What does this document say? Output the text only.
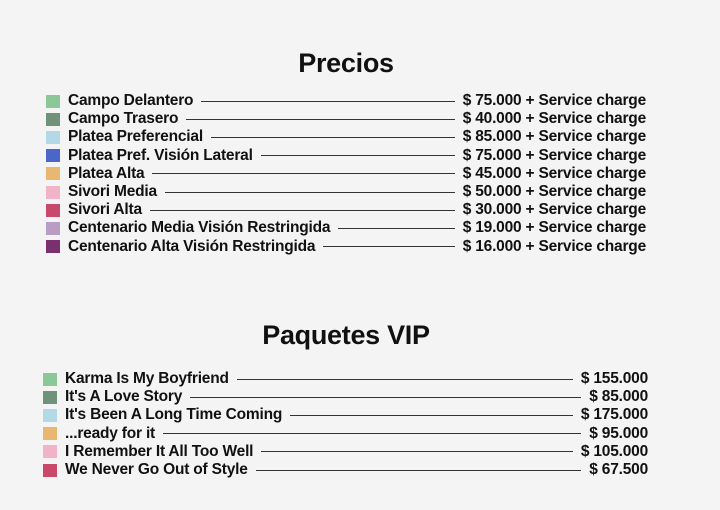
Precios
Campo Delantero	$ 75.000 + Service charge
Campo Trasero	$ 40.000 + Service charge
Platea Preferencial	$ 85.000 + Service charge
Platea Pref. Visión Lateral	$ 75.000 + Service charge
Platea Alta	$ 45.000 + Service charge
Sivori Media	$ 50.000 + Service charge
Sivori Alta	$ 30.000 + Service charge
Centenario Media Visión Restringida	$ 19.000 + Service charge
Centenario Alta Visión Restringida	$ 16.000 + Service charge
Paquetes VIP
Karma Is My Boyfriend	$ 155.000
It's A Love Story	$ 85.000
It's Been A Long Time Coming	$ 175.000
...ready for it	$ 95.000
I Remember It All Too Well	$ 105.000
We Never Go Out of Style	$ 67.500
